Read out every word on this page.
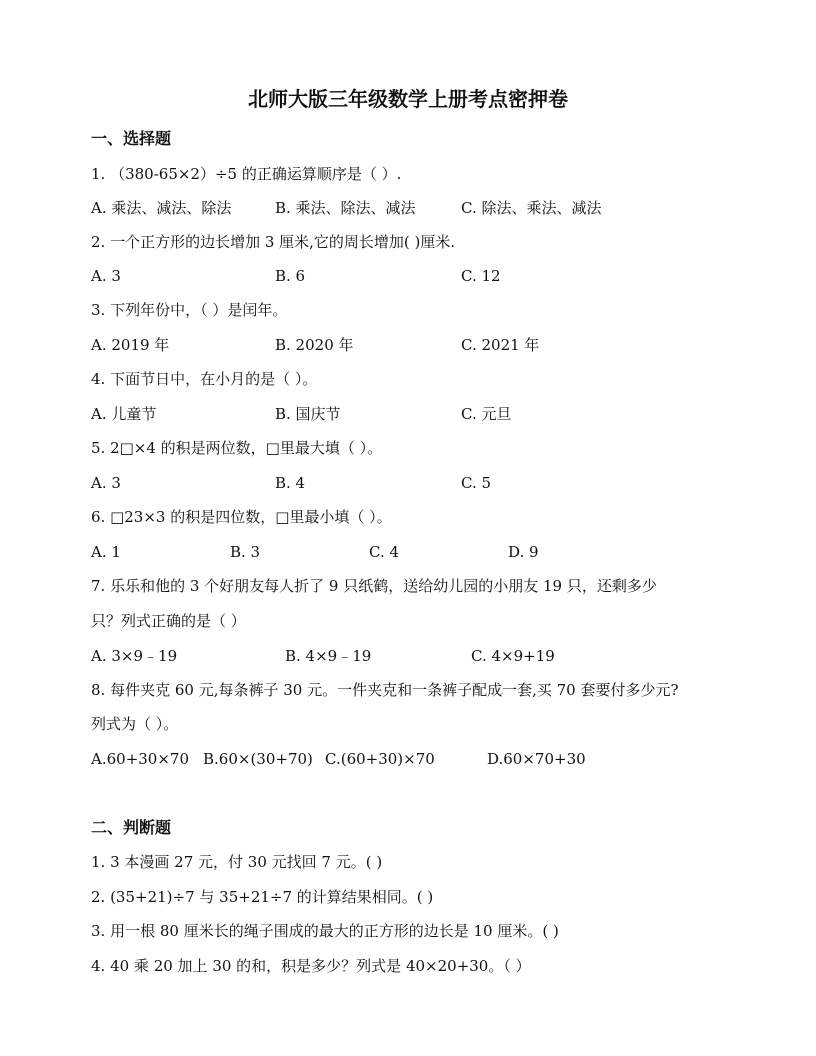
北师大版三年级数学上册考点密押卷
一、选择题
1. （380-65×2）÷5 的正确运算顺序是（ ）.
A. 乘法、减法、除法	B. 乘法、除法、减法	C. 除法、乘法、减法
2. 一个正方形的边长增加 3 厘米,它的周长增加( )厘米.
A. 3	B. 6	C. 12
3. 下列年份中，（ ）是闰年。
A. 2019 年	B. 2020 年	C. 2021 年
4. 下面节日中，在小月的是（ ）。
A. 儿童节	B. 国庆节	C. 元旦
5. 2□×4 的积是两位数，□里最大填（ ）。
A. 3	B. 4	C. 5
6. □23×3 的积是四位数，□里最小填（ ）。
A. 1	B. 3	C. 4	D. 9
7. 乐乐和他的 3 个好朋友每人折了 9 只纸鹤，送给幼儿园的小朋友 19 只，还剩多少
只？列式正确的是（ ）
A. 3×9﹣19	B. 4×9﹣19	C. 4×9+19
8. 每件夹克 60 元,每条裤子 30 元。一件夹克和一条裤子配成一套,买 70 套要付多少元?
列式为（ ）。
A.60+30×70 B.60×(30+70) C.(60+30)×70	D.60×70+30
二、判断题
1. 3 本漫画 27 元，付 30 元找回 7 元。( )
2. (35+21)÷7 与 35+21÷7 的计算结果相同。( )
3. 用一根 80 厘米长的绳子围成的最大的正方形的边长是 10 厘米。( )
4. 40 乘 20 加上 30 的和，积是多少？列式是 40×20+30。（ ）
